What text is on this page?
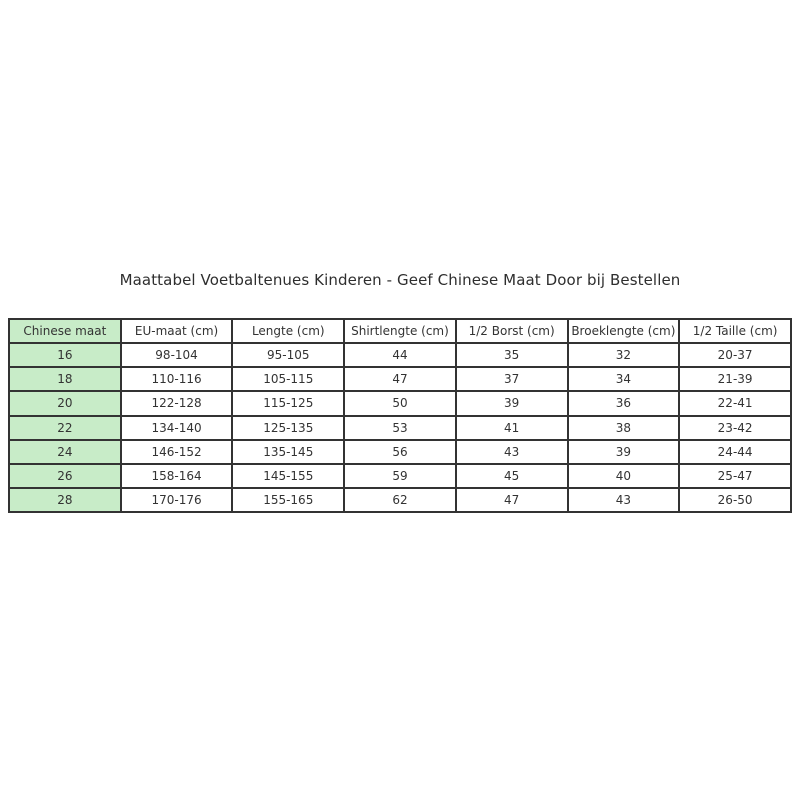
Maattabel Voetbaltenues Kinderen - Geef Chinese Maat Door bij Bestellen
Chinese maat	EU-maat (cm)	Lengte (cm)	Shirtlengte (cm)	1/2 Borst (cm)	Broeklengte (cm)	1/2 Taille (cm)
16	98-104	95-105	44	35	32	20-37
18	110-116	105-115	47	37	34	21-39
20	122-128	115-125	50	39	36	22-41
22	134-140	125-135	53	41	38	23-42
24	146-152	135-145	56	43	39	24-44
26	158-164	145-155	59	45	40	25-47
28	170-176	155-165	62	47	43	26-50
